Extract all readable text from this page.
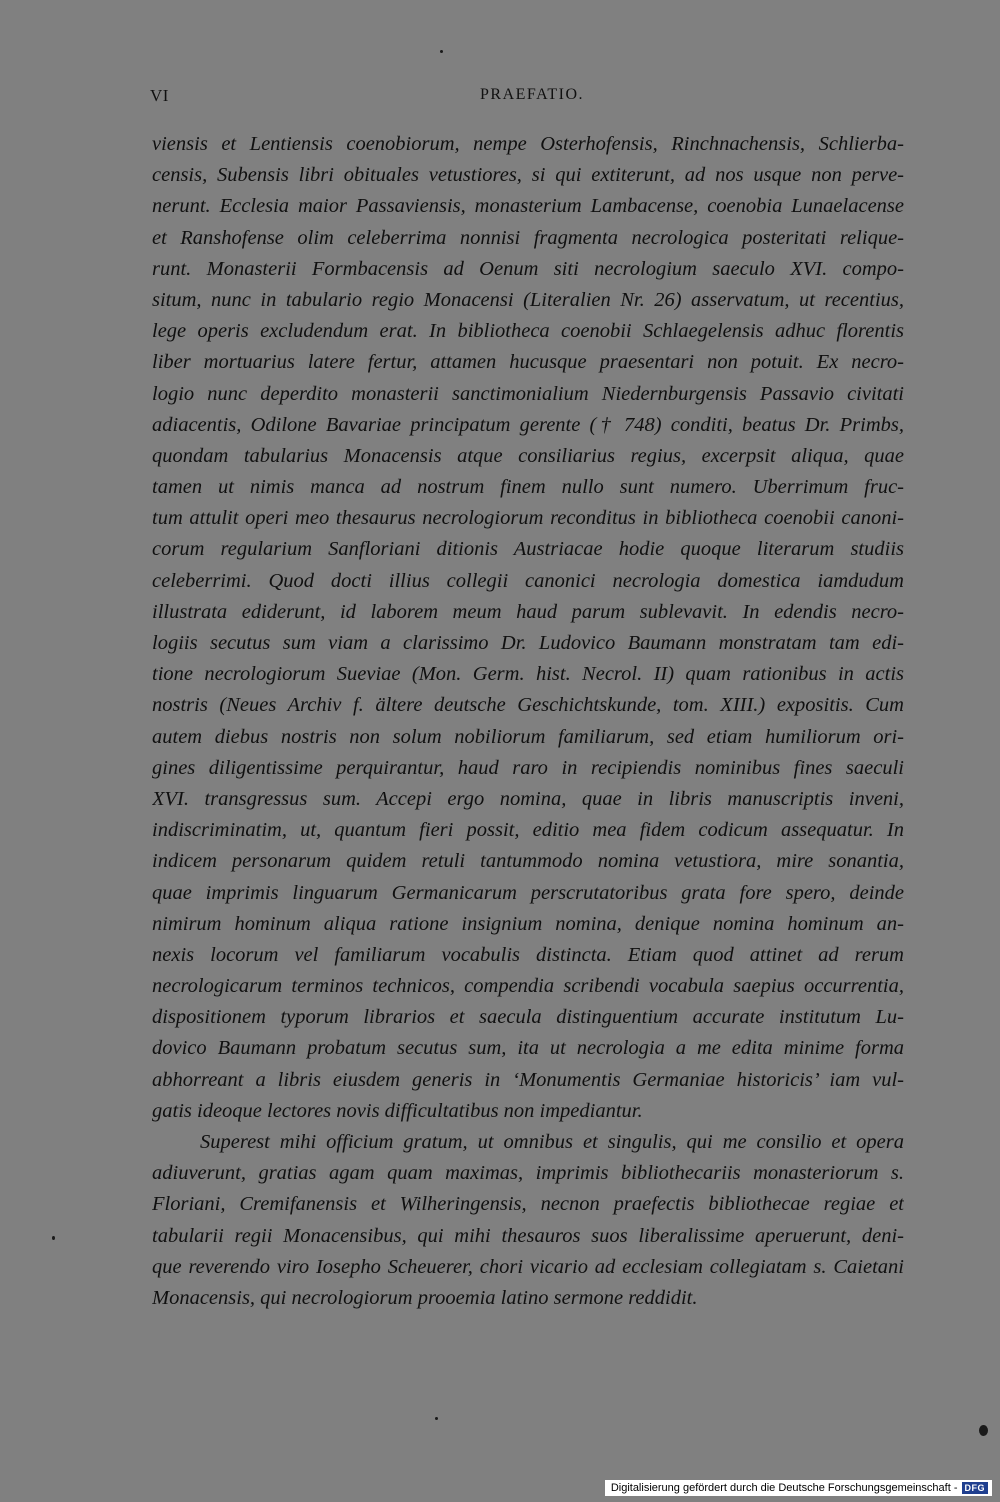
VI	PRAEFATIO.
viensis et Lentiensis coenobiorum, nempe Osterhofensis, Rinchnachensis, Schlierba-
censis, Subensis libri obituales vetustiores, si qui extiterunt, ad nos usque non perve-
nerunt. Ecclesia maior Passaviensis, monasterium Lambacense, coenobia Lunaelacense
et Ranshofense olim celeberrima nonnisi fragmenta necrologica posteritati relique-
runt. Monasterii Formbacensis ad Oenum siti necrologium saeculo XVI. compo-
situm, nunc in tabulario regio Monacensi (Literalien Nr. 26) asservatum, ut recentius,
lege operis excludendum erat. In bibliotheca coenobii Schlaegelensis adhuc florentis
liber mortuarius latere fertur, attamen hucusque praesentari non potuit. Ex necro-
logio nunc deperdito monasterii sanctimonialium Niedernburgensis Passavio civitati
adiacentis, Odilone Bavariae principatum gerente († 748) conditi, beatus Dr. Primbs,
quondam tabularius Monacensis atque consiliarius regius, excerpsit aliqua, quae
tamen ut nimis manca ad nostrum finem nullo sunt numero. Uberrimum fruc-
tum attulit operi meo thesaurus necrologiorum reconditus in bibliotheca coenobii canoni-
corum regularium Sanfloriani ditionis Austriacae hodie quoque literarum studiis
celeberrimi. Quod docti illius collegii canonici necrologia domestica iamdudum
illustrata ediderunt, id laborem meum haud parum sublevavit. In edendis necro-
logiis secutus sum viam a clarissimo Dr. Ludovico Baumann monstratam tam edi-
tione necrologiorum Sueviae (Mon. Germ. hist. Necrol. II) quam rationibus in actis
nostris (Neues Archiv f. ältere deutsche Geschichtskunde, tom. XIII.) expositis. Cum
autem diebus nostris non solum nobiliorum familiarum, sed etiam humiliorum ori-
gines diligentissime perquirantur, haud raro in recipiendis nominibus fines saeculi
XVI. transgressus sum. Accepi ergo nomina, quae in libris manuscriptis inveni,
indiscriminatim, ut, quantum fieri possit, editio mea fidem codicum assequatur. In
indicem personarum quidem retuli tantummodo nomina vetustiora, mire sonantia,
quae imprimis linguarum Germanicarum perscrutatoribus grata fore spero, deinde
nimirum hominum aliqua ratione insignium nomina, denique nomina hominum an-
nexis locorum vel familiarum vocabulis distincta. Etiam quod attinet ad rerum
necrologicarum terminos technicos, compendia scribendi vocabula saepius occurrentia,
dispositionem typorum librarios et saecula distinguentium accurate institutum Lu-
dovico Baumann probatum secutus sum, ita ut necrologia a me edita minime forma
abhorreant a libris eiusdem generis in ‘Monumentis Germaniae historicis’ iam vul-
gatis ideoque lectores novis difficultatibus non impediantur.
Superest mihi officium gratum, ut omnibus et singulis, qui me consilio et opera
adiuverunt, gratias agam quam maximas, imprimis bibliothecariis monasteriorum s.
Floriani, Cremifanensis et Wilheringensis, necnon praefectis bibliothecae regiae et
tabularii regii Monacensibus, qui mihi thesauros suos liberalissime aperuerunt, deni-
que reverendo viro Iosepho Scheuerer, chori vicario ad ecclesiam collegiatam s. Caietani
Monacensis, qui necrologiorum prooemia latino sermone reddidit.
Digitalisierung gefördert durch die Deutsche Forschungsgemeinschaft - DFG
